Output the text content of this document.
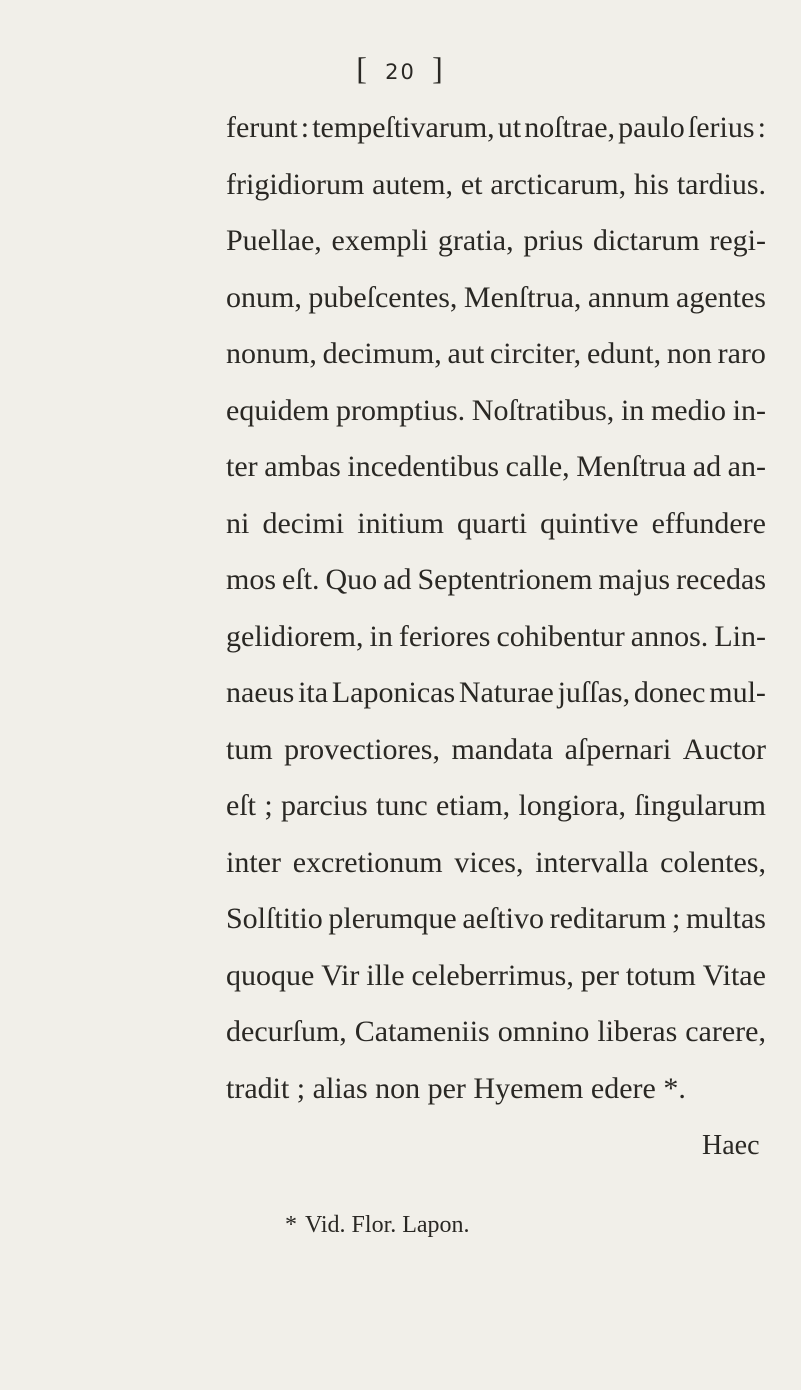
[ 20 ]
ferunt : tempeſtivarum, ut noſtrae, paulo ſerius :
frigidiorum autem, et arcticarum, his tardius.
Puellae, exempli gratia, prius dictarum regi-
onum, pubeſcentes, Menſtrua, annum agentes
nonum, decimum, aut circiter, edunt, non raro
equidem promptius. Noſtratibus, in medio in-
ter ambas incedentibus calle, Menſtrua ad an-
ni decimi initium quarti quintive effundere
mos eſt. Quo ad Septentrionem majus recedas
gelidiorem, in feriores cohibentur annos. Lin-
naeus ita Laponicas Naturae juſſas, donec mul-
tum provectiores, mandata aſpernari Auctor
eſt ; parcius tunc etiam, longiora, ſingularum
inter excretionum vices, intervalla colentes,
Solſtitio plerumque aeſtivo reditarum ; multas
quoque Vir ille celeberrimus, per totum Vitae
decurſum, Catameniis omnino liberas carere,
tradit ; alias non per Hyemem edere *.
Haec
* Vid. Flor. Lapon.
